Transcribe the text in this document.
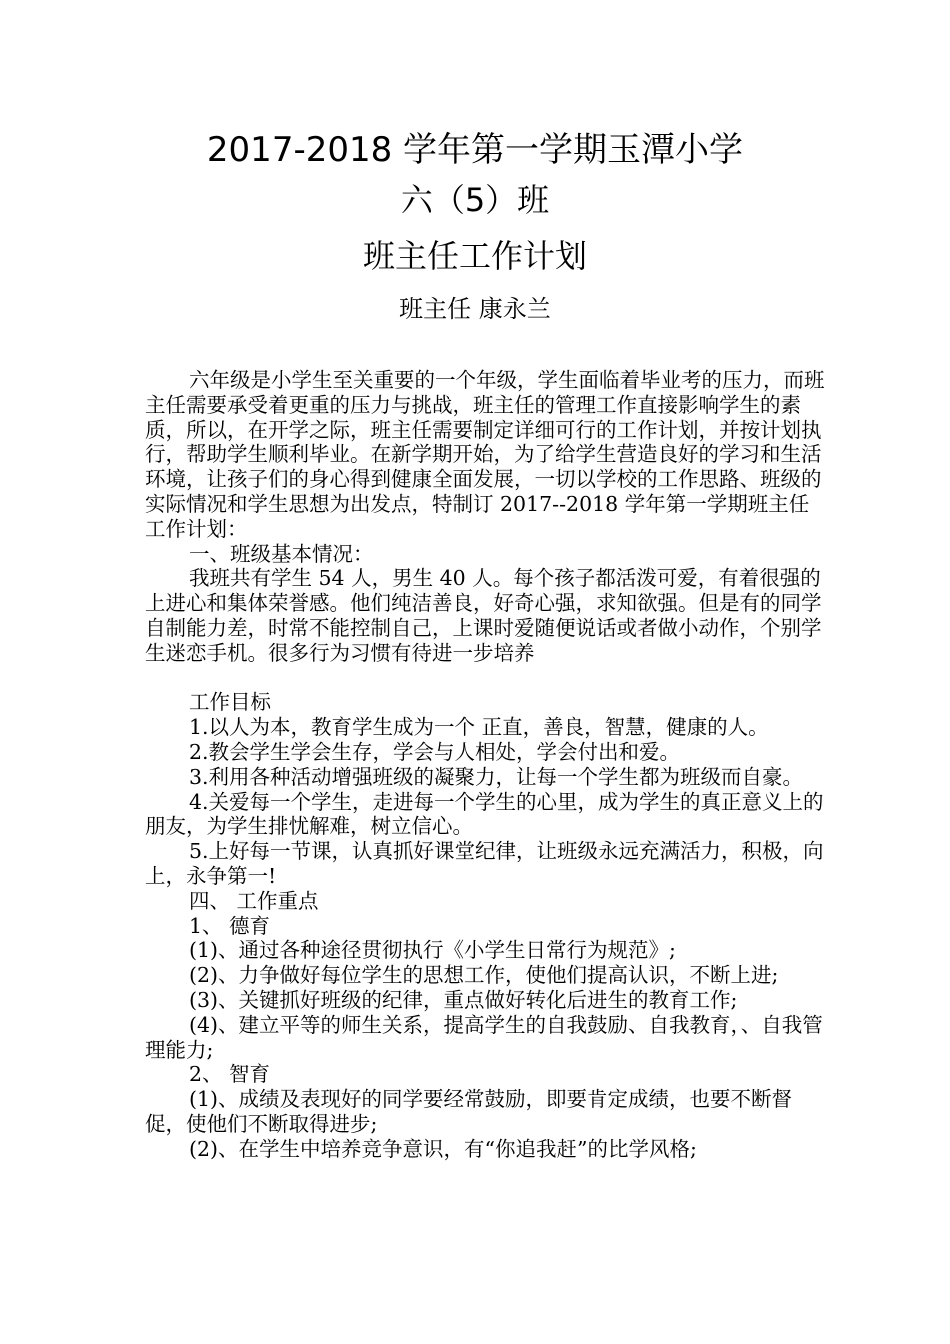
2017-2018 学年第一学期玉潭小学
六（5）班
班主任工作计划
班主任 康永兰

六年级是小学生至关重要的一个年级，学生面临着毕业考的压力，而班主任需要承受着更重的压力与挑战，班主任的管理工作直接影响学生的素质，所以，在开学之际，班主任需要制定详细可行的工作计划，并按计划执行，帮助学生顺利毕业。在新学期开始，为了给学生营造良好的学习和生活环境，让孩子们的身心得到健康全面发展，一切以学校的工作思路、班级的实际情况和学生思想为出发点，特制订 2017--2018 学年第一学期班主任工作计划：

一、班级基本情况：

我班共有学生 54 人，男生 40 人。每个孩子都活泼可爱，有着很强的上进心和集体荣誉感。他们纯洁善良，好奇心强，求知欲强。但是有的同学自制能力差，时常不能控制自己，上课时爱随便说话或者做小动作，个别学生迷恋手机。很多行为习惯有待进一步培养

工作目标

1.以人为本，教育学生成为一个 正直，善良，智慧，健康的人。

2.教会学生学会生存，学会与人相处，学会付出和爱。

3.利用各种活动增强班级的凝聚力，让每一个学生都为班级而自豪。

4.关爱每一个学生，走进每一个学生的心里，成为学生的真正意义上的朋友，为学生排忧解难，树立信心。

5.上好每一节课，认真抓好课堂纪律，让班级永远充满活力，积极，向上，永争第一!

四、 工作重点

1、 德育

(1)、通过各种途径贯彻执行《小学生日常行为规范》;

(2)、力争做好每位学生的思想工作，使他们提高认识，不断上进;

(3)、关键抓好班级的纪律，重点做好转化后进生的教育工作;

(4)、建立平等的师生关系，提高学生的自我鼓励、自我教育，、自我管理能力;

2、 智育

(1)、成绩及表现好的同学要经常鼓励，即要肯定成绩，也要不断督促，使他们不断取得进步;

(2)、在学生中培养竞争意识，有“你追我赶”的比学风格;
